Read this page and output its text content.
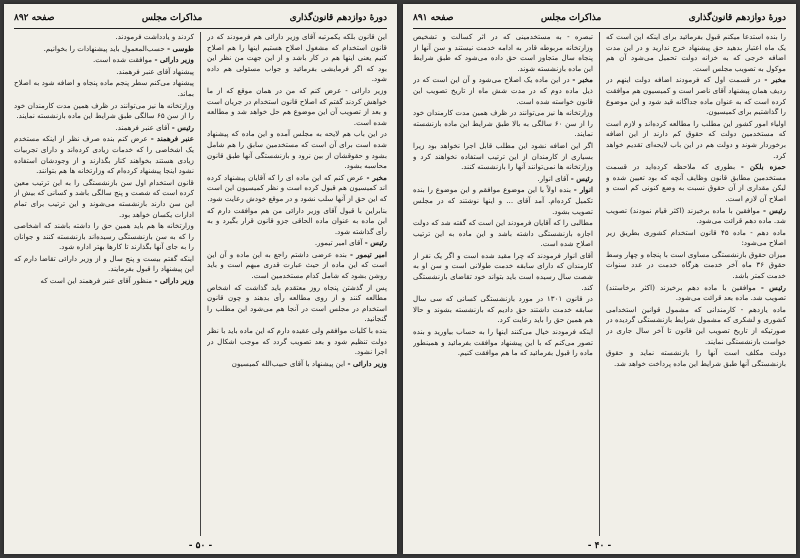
دورهٔ دوازدهم قانون‌گذاری
مذاکرات مجلس
صفحه ۸۹۲

این قانون بلکه یکمرتبه آقای وزیر دارائی هم فرمودند که در قانون استخدام که مشغول اصلاح هستیم اینها را هم اصلاح کنیم یعنی اینها هم در کار باشد و از این جهت من نظر این بود که اگر فرمایشی بفرمائید و جواب مسئولی هم داده شود.

وزیر دارائی - عرض کنم که من در همان موقع که از ما خواهش کردند گفتم که اصلاح قانون استخدام در جریان است و بعد از تصویب آن این موضوع هم حل خواهد شد و مطالعه شده است.

در این باب هم لایحه به مجلس آمده و این ماده که پیشنهاد شده است برای آن است که مستخدمین سابق را هم شامل بشود و حقوقشان از بین نرود و بازنشستگی آنها طبق قانون محاسبه بشود.

مخبر - عرض کنم که این ماده ای را که آقایان پیشنهاد کرده اند کمیسیون هم قبول کرده است و نظر کمیسیون این است که این حق از آنها سلب نشود و در موقع خودش رعایت شود.

بنابراین با قبول آقای وزیر دارائی من هم موافقت دارم که این ماده به عنوان ماده الحاقی جزو قانون قرار بگیرد و به رأی گذاشته شود.

رئیس - آقای امیر تیمور.

امیر تیمور - بنده عرضی داشتم راجع به این ماده و آن این است که این ماده از حیث عبارت قدری مبهم است و باید روشن بشود که شامل کدام مستخدمین است.

پس از گذشتن پنجاه روز معتقدم باید گذاشت که اشخاص مطالعه کنند و از روی مطالعه رأی بدهند و چون قانون استخدام در مجلس است در آنجا هم می‌شود این مطلب را گنجانید.

بنده با کلیات موافقم ولی عقیده دارم که این ماده باید با نظر دولت تنظیم شود و بعد تصویب گردد که موجب اشکال در اجرا نشود.

وزیر دارائی - این پیشنهاد با آقای حبیب‌الله کمیسیون

کردند و یادداشت فرمودند.

طوسی - حسب‌المعمول باید پیشنهادات را بخوانیم.

وزیر دارائی - موافقت شده است.

پیشنهاد آقای عنبر فرهمند.

پیشنهاد می‌کنم سطر پنجم ماده پنجاه و اضافه شود به اصلاح بماند.

وزارتخانه ها نیز می‌توانند در ظرف همین مدت کارمندان خود را از سن ۶۵ سالگی طبق شرایط این ماده بازنشسته نمایند.

رئیس - آقای عنبر فرهمند.

عنبر فرهمند - عرض کنم بنده صرف نظر از اینکه مستخدم یک اشخاصی را که خدمات زیادی کرده‌اند و دارای تجربیات زیادی هستند بخواهند کنار بگذارند و از وجودشان استفاده نشود اینجا پیشنهاد کرده‌ام که وزارتخانه ها هم بتوانند.

قانون استخدام اول سن بازنشستگی را به این ترتیب معین کرده است که شصت و پنج سالگی باشد و کسانی که بیش از این سن دارند بازنشسته می‌شوند و این ترتیب برای تمام ادارات یکسان خواهد بود.

وزارتخانه ها هم باید همین حق را داشته باشند که اشخاصی را که به سن بازنشستگی رسیده‌اند بازنشسته کنند و جوانان را به جای آنها بگذارند تا کارها بهتر اداره شود.

اینکه گفتم بیست و پنج سال و از وزیر دارائی تقاضا دارم که این پیشنهاد را قبول بفرمایند.

وزیر دارائی - منظور آقای عنبر فرهمند این است که

- ۵۰ -
دورهٔ دوازدهم قانون‌گذاری
مذاکرات مجلس
صفحه ۸۹۱

را بنده استدعا میکنم قبول بفرمائید برای اینکه این است که یک ماه اعتبار بدهید حق پیشنهاد خرج ندارید و در این مدت اضافه خرجی که به خزانه دولت تحمیل می‌شود آن هم موکول به تصویب مجلس است.

مخبر - در قسمت اول که فرمودند اضافه دولت اینهم در ردیف همان پیشنهاد آقای ناصر است و کمیسیون هم موافقت کرده است که به عنوان ماده جداگانه قید شود و این موضوع را گذاشتیم برای کمیسیون.

اولیاء امور کشور این مطلب را مطالعه کرده‌اند و لازم است که مستخدمین دولت که حقوق کم دارند از این اضافه برخوردار شوند و دولت هم در این باب لایحه‌ای تقدیم خواهد کرد.

حمزه بلکن - بطوری که ملاحظه کرده‌اید در قسمت مستخدمین مطابق قانون وظایف آنچه که بود تعیین شده و لیکن مقداری از آن حقوق نسبت به وضع کنونی کم است و اصلاح آن لازم است.

رئیس - موافقین با ماده برخیزند (اکثر قیام نمودند) تصویب شد. ماده دهم قرائت می‌شود.

ماده دهم - ماده ۴۵ قانون استخدام کشوری بطریق زیر اصلاح می‌شود:

میزان حقوق بازنشستگی مساوی است با پنجاه و چهار وسط حقوق ۳۶ ماه آخر خدمت هرگاه خدمت در عدد سنوات خدمت کمتر باشد.

رئیس - موافقین با ماده دهم برخیزند (اکثر برخاستند) تصویب شد. ماده بعد قرائت می‌شود.

ماده یازدهم - کارمندانی که مشمول قوانین استخدامی کشوری و لشکری که مشمول شرایط بازنشستگی گردیده در صورتیکه از تاریخ تصویب این قانون تا آخر سال جاری در خواست بازنشستگی نمایند.

دولت مکلف است آنها را بازنشسته نماید و حقوق بازنشستگی آنها طبق شرایط این ماده پرداخت خواهد شد.

تبصره - به مستخدمینی که در اثر کسالت و تشخیص وزارتخانه مربوطه قادر به ادامه خدمت نیستند و سن آنها از پنجاه سال متجاوز است حق داده می‌شود که طبق شرایط این ماده بازنشسته شوند.

مخبر - در این ماده یک اصلاح می‌شود و آن این است که در ذیل ماده دوم که در مدت شش ماه از تاریخ تصویب این قانون خواسته شده است.

وزارتخانه ها نیز می‌توانند در ظرف همین مدت کارمندان خود را از سن ۶۰ سالگی به بالا طبق شرایط این ماده بازنشسته نمایند.

اگر این اضافه نشود این مطلب قابل اجرا نخواهد بود زیرا بسیاری از کارمندان از این ترتیب استفاده نخواهند کرد و وزارتخانه ها نمی‌توانند آنها را بازنشسته کنند.

رئیس - آقای انوار.

انوار - بنده اولاً با این موضوع موافقم و این موضوع را بنده تکمیل کرده‌ام. آمد آقای ... و اینها نوشتند که در مجلس تصویب بشود.

مطالبی را که آقایان فرمودند این است که گفته شد که دولت اجازه بازنشستگی داشته باشد و این ماده به این ترتیب اصلاح شده است.

آقای انوار فرمودند که چرا مقید شده است و اگر یک نفر از کارمندان که دارای سابقه خدمت طولانی است و سن او به شصت سال رسیده است باید بتواند خود تقاضای بازنشستگی کند.

در قانون ۱۳۰۱ در مورد بازنشستگی کسانی که سی سال سابقه خدمت داشتند حق دادیم که بازنشسته بشوند و حالا هم همین حق را باید رعایت کرد.

اینکه فرمودند خیال می‌کنند اینها را به حساب بیاورید و بنده تصور می‌کنم که با این پیشنهاد موافقت بفرمائید و همینطور ماده را قبول بفرمائید که ما هم موافقت کنیم.

- ۴۰ -
